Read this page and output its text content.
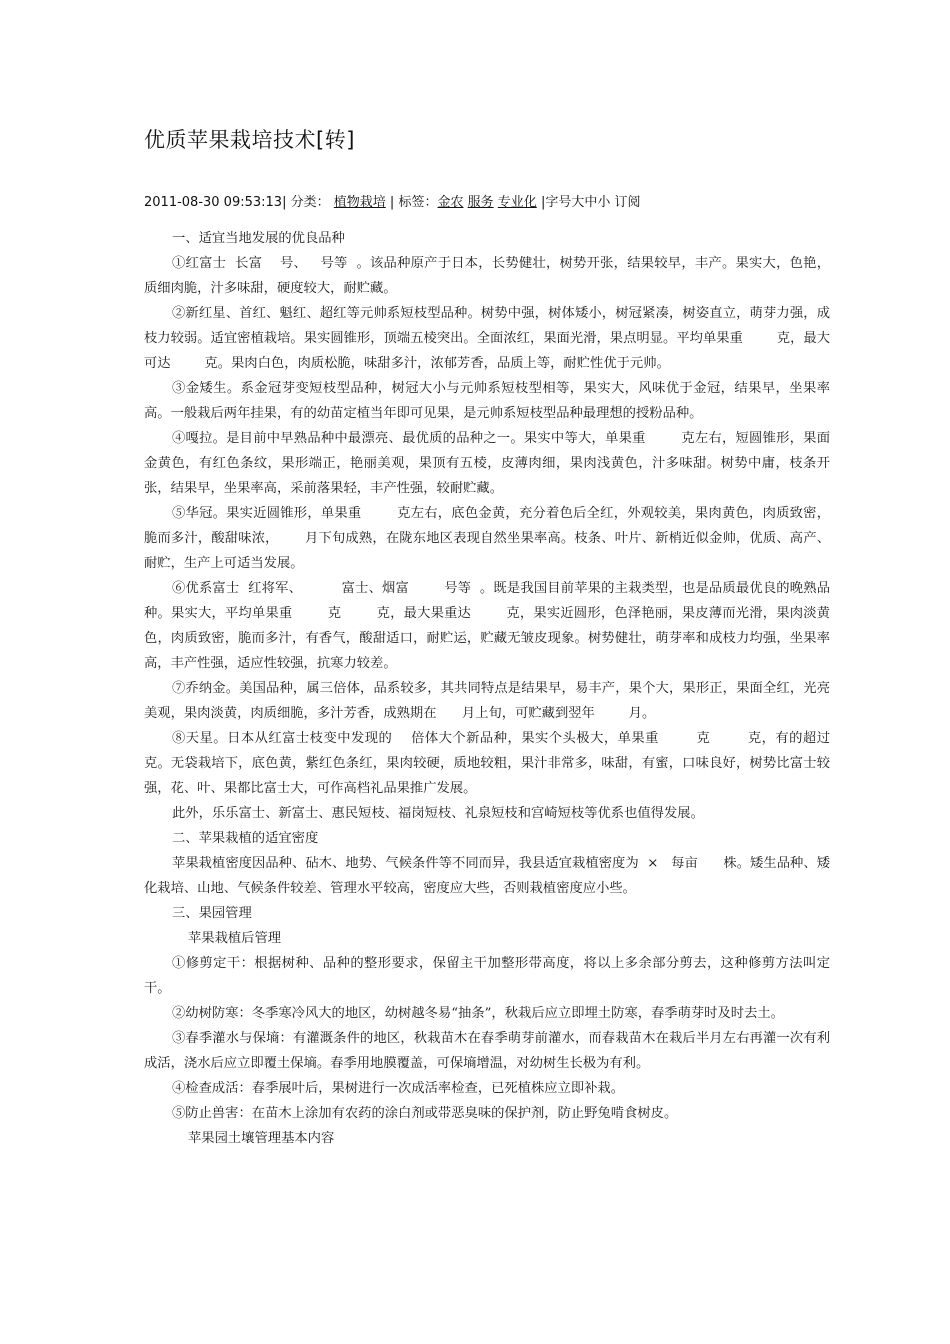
优质苹果栽培技术[转]
2011-08-30 09:53:13| 分类： 植物栽培 | 标签：金农 服务 专业化 |字号大中小 订阅

一、适宜当地发展的优良品种

①红富士  长富    号、   号等  。该品种原产于日本，长势健壮，树势开张，结果较早，丰产。果实大，色艳，质细肉脆，汁多味甜，硬度较大，耐贮藏。

②新红星、首红、魁红、超红等元帅系短枝型品种。树势中强，树体矮小，树冠紧凑，树姿直立，萌芽力强，成枝力较弱。适宜密植栽培。果实圆锥形，顶端五棱突出。全面浓红，果面光滑，果点明显。平均单果重        克，最大可达        克。果肉白色，肉质松脆，味甜多汁，浓郁芳香，品质上等，耐贮性优于元帅。

③金矮生。系金冠芽变短枝型品种，树冠大小与元帅系短枝型相等，果实大，风味优于金冠，结果早，坐果率高。一般栽后两年挂果，有的幼苗定植当年即可见果，是元帅系短枝型品种最理想的授粉品种。

④嘎拉。是目前中早熟品种中最漂亮、最优质的品种之一。果实中等大，单果重        克左右，短圆锥形，果面金黄色，有红色条纹，果形端正，艳丽美观，果顶有五棱，皮薄肉细，果肉浅黄色，汁多味甜。树势中庸，枝条开张，结果早，坐果率高，采前落果轻，丰产性强，较耐贮藏。

⑤华冠。果实近圆锥形，单果重        克左右，底色金黄，充分着色后全红，外观较美，果肉黄色，肉质致密，脆而多汁，酸甜味浓，      月下旬成熟，在陇东地区表现自然坐果率高。枝条、叶片、新梢近似金帅，优质、高产、耐贮，生产上可适当发展。

⑥优系富士  红将军、         富士、烟富        号等  。既是我国目前苹果的主栽类型，也是品质最优良的晚熟品种。果实大，平均单果重        克        克，最大果重达        克，果实近圆形，色泽艳丽，果皮薄而光滑，果肉淡黄色，肉质致密，脆而多汁，有香气，酸甜适口，耐贮运，贮藏无皱皮现象。树势健壮，萌芽率和成枝力均强，坐果率高，丰产性强，适应性较强，抗寒力较差。

⑦乔纳金。美国品种，属三倍体，品系较多，其共同特点是结果早，易丰产，果个大，果形正，果面全红，光亮美观，果肉淡黄，肉质细脆，多汁芳香，成熟期在      月上旬，可贮藏到翌年        月。

⑧天星。日本从红富士枝变中发现的    倍体大个新品种，果实个头极大，单果重        克        克，有的超过        克。无袋栽培下，底色黄，紫红色条红，果肉较硬，质地较粗，果汁非常多，味甜，有蜜，口味良好，树势比富士较强，花、叶、果都比富士大，可作高档礼品果推广发展。

此外，乐乐富士、新富士、惠民短枝、福岗短枝、礼泉短枝和宫崎短枝等优系也值得发展。

二、苹果栽植的适宜密度

苹果栽植密度因品种、砧木、地势、气候条件等不同而异，我县适宜栽植密度为  ×   每亩      株。矮生品种、矮化栽培、山地、气候条件较差、管理水平较高，密度应大些，否则栽植密度应小些。

三、果园管理

苹果栽植后管理

①修剪定干：根据树种、品种的整形要求，保留主干加整形带高度，将以上多余部分剪去，这种修剪方法叫定干。

②幼树防寒：冬季寒冷风大的地区，幼树越冬易“抽条”，秋栽后应立即埋土防寒，春季萌芽时及时去土。

③春季灌水与保墒：有灌溉条件的地区，秋栽苗木在春季萌芽前灌水，而春栽苗木在栽后半月左右再灌一次有利成活，浇水后应立即覆土保墒。春季用地膜覆盖，可保墒增温，对幼树生长极为有利。

④检查成活：春季展叶后，果树进行一次成活率检查，已死植株应立即补栽。

⑤防止兽害：在苗木上涂加有农药的涂白剂或带恶臭味的保护剂，防止野兔啃食树皮。

苹果园土壤管理基本内容
